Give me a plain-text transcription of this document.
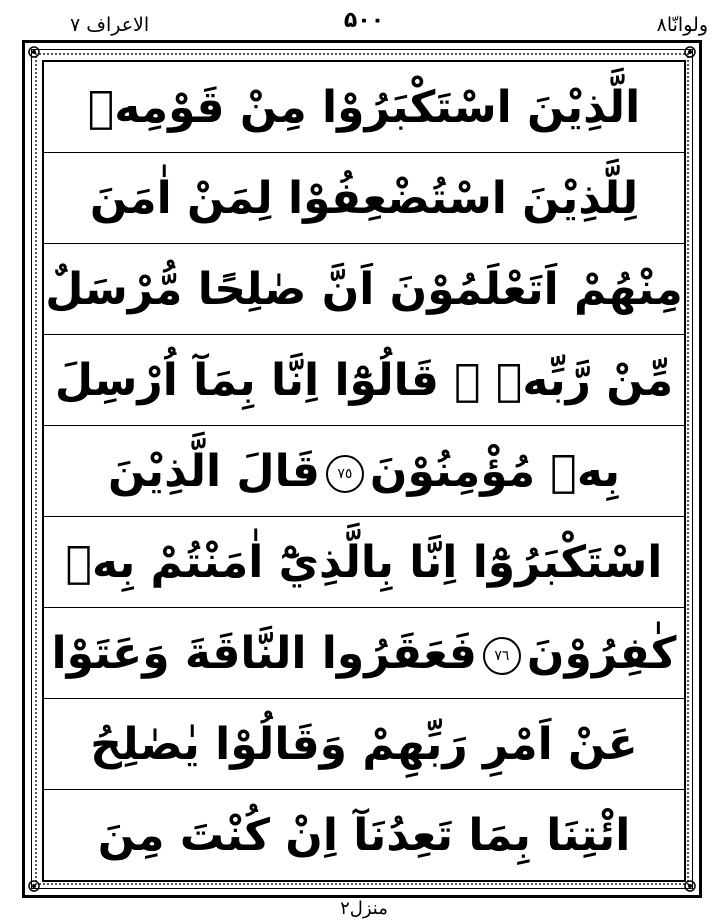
ولوانّا٨
۵۰۰
الاعراف ٧
الَّذِيْنَ اسْتَكْبَرُوْا مِنْ قَوْمِهٖ
لِلَّذِيْنَ اسْتُضْعِفُوْا لِمَنْ اٰمَنَ
مِنْهُمْ اَتَعْلَمُوْنَ اَنَّ صٰلِحًا مُّرْسَلٌ
مِّنْ رَّبِّهٖ ۭ قَالُوْٓا اِنَّا بِمَآ اُرْسِلَ
بِهٖ مُؤْمِنُوْنَ٧٥قَالَ الَّذِيْنَ
اسْتَكْبَرُوْٓا اِنَّا بِالَّذِيْٓ اٰمَنْتُمْ بِهٖ
كٰفِرُوْنَ٧٦فَعَقَرُوا النَّاقَةَ وَعَتَوْا
عَنْ اَمْرِ رَبِّهِمْ وَقَالُوْا يٰصٰلِحُ
ائْتِنَا بِمَا تَعِدُنَآ اِنْ كُنْتَ مِنَ
منزل٢
